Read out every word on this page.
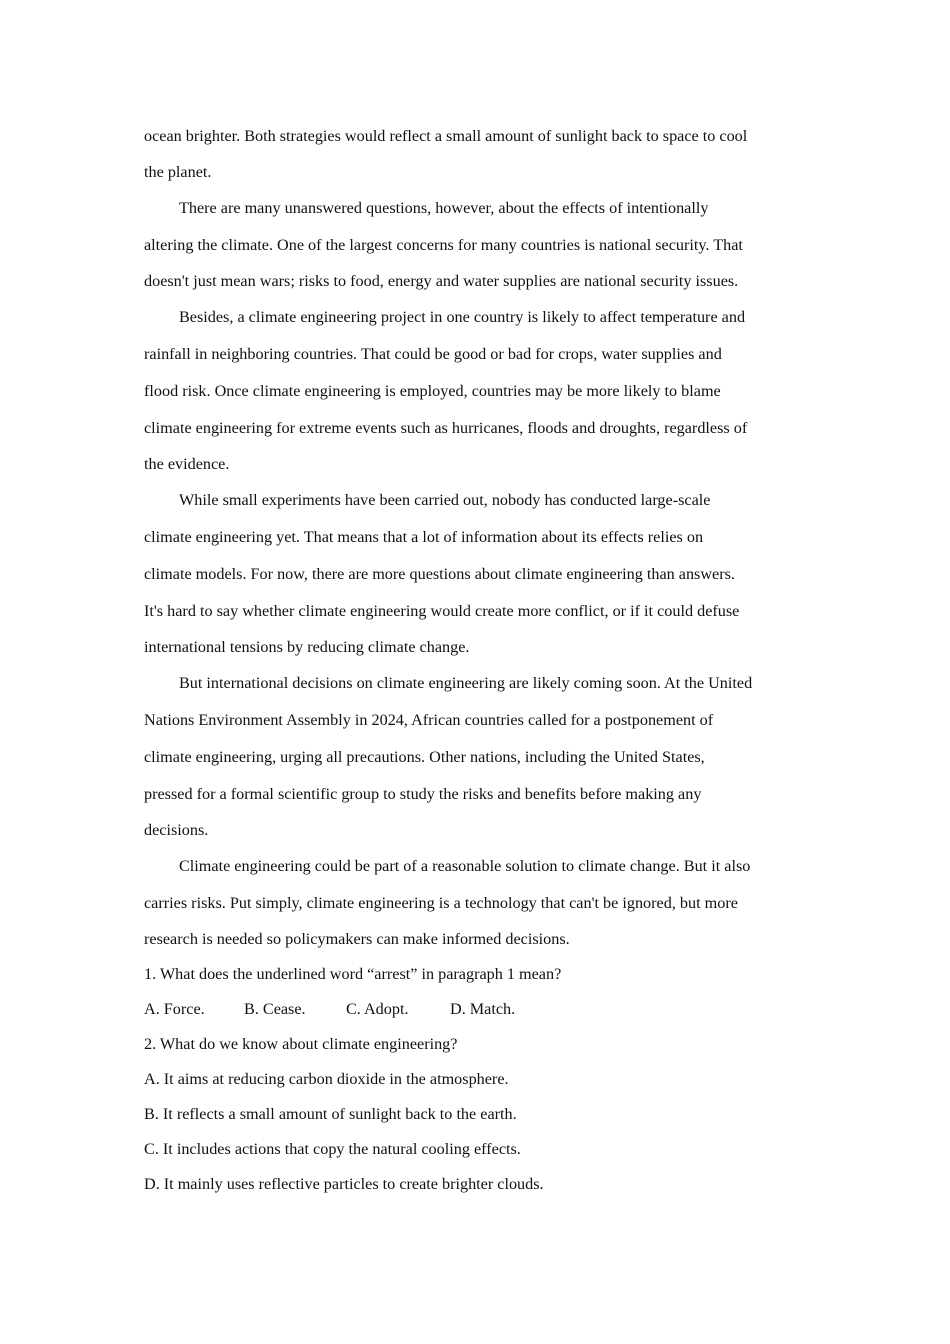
ocean brighter. Both strategies would reflect a small amount of sunlight back to space to cool
the planet.
There are many unanswered questions, however, about the effects of intentionally
altering the climate. One of the largest concerns for many countries is national security. That
doesn't just mean wars; risks to food, energy and water supplies are national security issues.
Besides, a climate engineering project in one country is likely to affect temperature and
rainfall in neighboring countries. That could be good or bad for crops, water supplies and
flood risk. Once climate engineering is employed, countries may be more likely to blame
climate engineering for extreme events such as hurricanes, floods and droughts, regardless of
the evidence.
While small experiments have been carried out, nobody has conducted large-scale
climate engineering yet. That means that a lot of information about its effects relies on
climate models. For now, there are more questions about climate engineering than answers.
It's hard to say whether climate engineering would create more conflict, or if it could defuse
international tensions by reducing climate change.
But international decisions on climate engineering are likely coming soon. At the United
Nations Environment Assembly in 2024, African countries called for a postponement of
climate engineering, urging all precautions. Other nations, including the United States,
pressed for a formal scientific group to study the risks and benefits before making any
decisions.
Climate engineering could be part of a reasonable solution to climate change. But it also
carries risks. Put simply, climate engineering is a technology that can't be ignored, but more
research is needed so policymakers can make informed decisions.
1. What does the underlined word “arrest” in paragraph 1 mean?
A. Force. B. Cease. C. Adopt.	D. Match.
2. What do we know about climate engineering?
A. It aims at reducing carbon dioxide in the atmosphere.
B. It reflects a small amount of sunlight back to the earth.
C. It includes actions that copy the natural cooling effects.
D. It mainly uses reflective particles to create brighter clouds.
